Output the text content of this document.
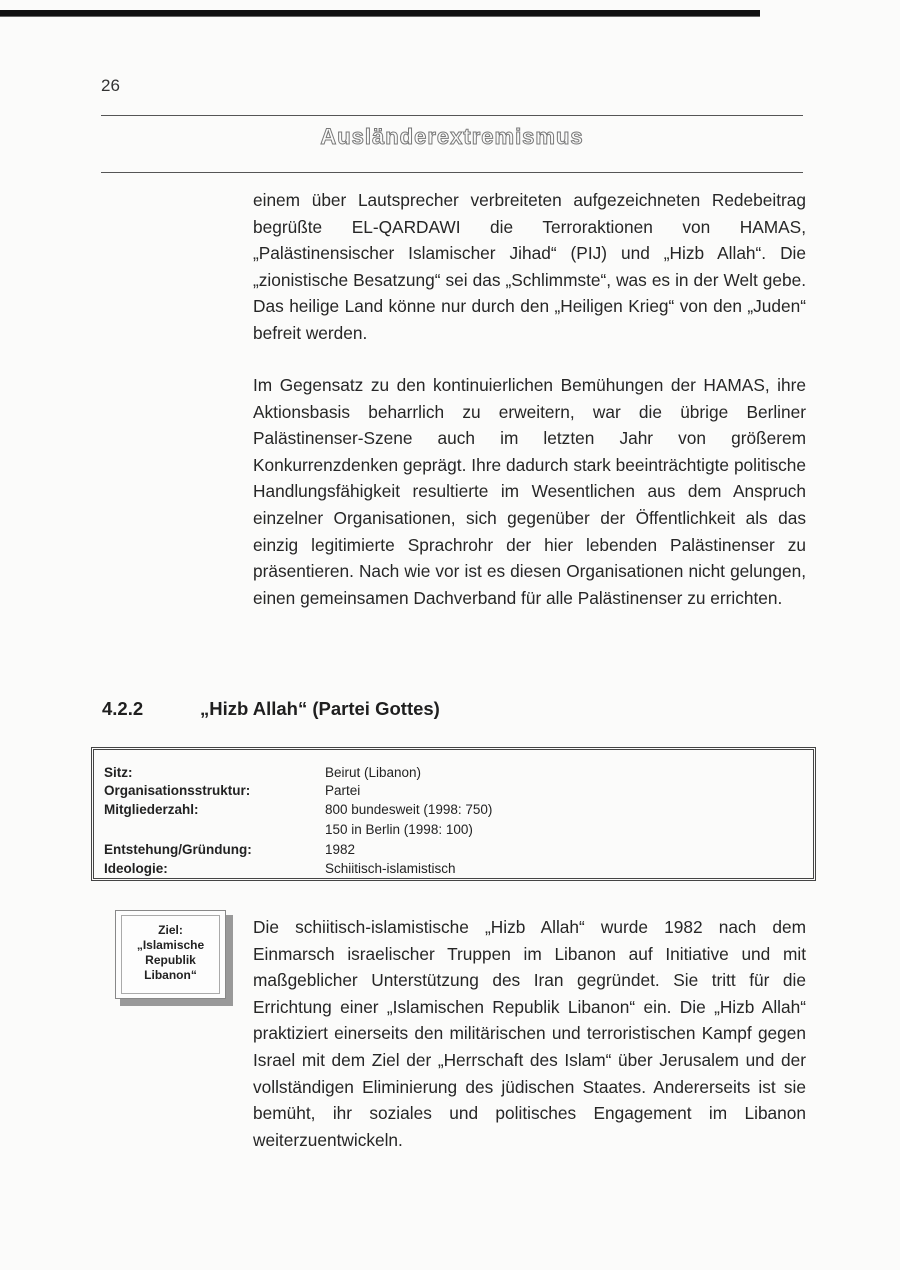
26
Ausländerextremismus

einem über Lautsprecher verbreiteten aufgezeichneten Redebeitrag begrüßte EL-QARDAWI die Terroraktionen von HAMAS, „Palästinensischer Islamischer Jihad“ (PIJ) und „Hizb Allah“. Die „zionistische Besatzung“ sei das „Schlimmste“, was es in der Welt gebe. Das heilige Land könne nur durch den „Heiligen Krieg“ von den „Juden“ befreit werden.

Im Gegensatz zu den kontinuierlichen Bemühungen der HAMAS, ihre Aktionsbasis beharrlich zu erweitern, war die übrige Berliner Palästinenser-Szene auch im letzten Jahr von größerem Konkurrenzdenken geprägt. Ihre dadurch stark beeinträchtigte politische Handlungsfähigkeit resultierte im Wesentlichen aus dem Anspruch einzelner Organisationen, sich gegenüber der Öffentlichkeit als das einzig legitimierte Sprachrohr der hier lebenden Palästinenser zu präsentieren. Nach wie vor ist es diesen Organisationen nicht gelungen, einen gemeinsamen Dachverband für alle Palästinenser zu errichten.

4.2.2	„Hizb Allah“ (Partei Gottes)
Sitz:	Beirut (Libanon)
Organisationsstruktur:	Partei
Mitgliederzahl:	800 bundesweit (1998: 750)
150 in Berlin (1998: 100)
Entstehung/Gründung:	1982
Ideologie:	Schiitisch-islamistisch
Ziel:
„Islamische
Republik
Libanon“

Die schiitisch-islamistische „Hizb Allah“ wurde 1982 nach dem Einmarsch israelischer Truppen im Libanon auf Initiative und mit maßgeblicher Unterstützung des Iran gegründet. Sie tritt für die Errichtung einer „Islamischen Republik Libanon“ ein. Die „Hizb Allah“ praktiziert einerseits den militärischen und terroristischen Kampf gegen Israel mit dem Ziel der „Herrschaft des Islam“ über Jerusalem und der vollständigen Eliminierung des jüdischen Staates. Andererseits ist sie bemüht, ihr soziales und politisches Engagement im Libanon weiterzuentwickeln.
